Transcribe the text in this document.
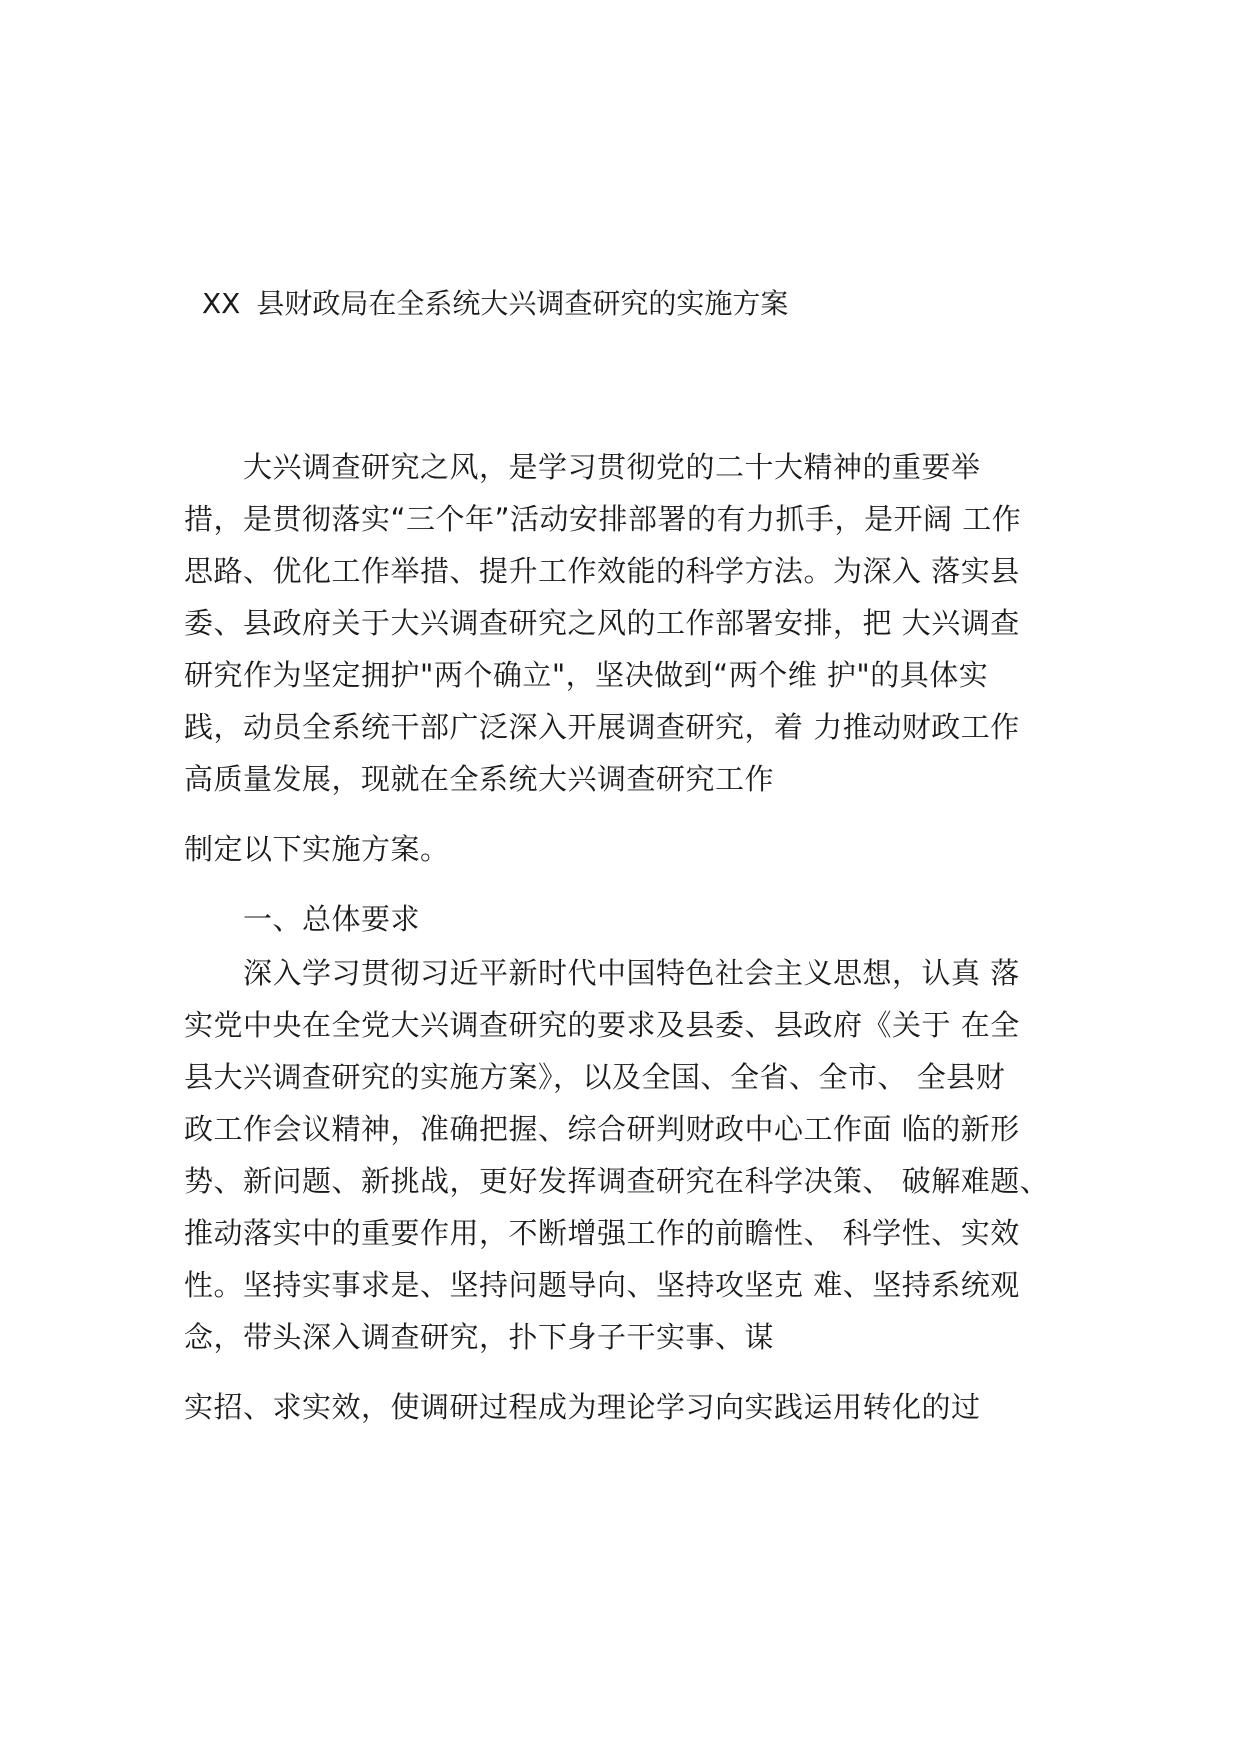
XX 县财政局在全系统大兴调查研究的实施方案
　　大兴调查研究之风，是学习贯彻党的二十大精神的重要举
措，是贯彻落实“三个年”活动安排部署的有力抓手，是开阔 工作
思路、优化工作举措、提升工作效能的科学方法。为深入 落实县
委、县政府关于大兴调查研究之风的工作部署安排，把 大兴调查
研究作为坚定拥护"两个确立"，坚决做到“两个维 护"的具体实
践，动员全系统干部广泛深入开展调查研究，着 力推动财政工作
高质量发展，现就在全系统大兴调查研究工作
制定以下实施方案。
　　一、总体要求
　　深入学习贯彻习近平新时代中国特色社会主义思想，认真 落
实党中央在全党大兴调查研究的要求及县委、县政府《关于 在全
县大兴调查研究的实施方案》，以及全国、全省、全市、 全县财
政工作会议精神，准确把握、综合研判财政中心工作面 临的新形
势、新问题、新挑战，更好发挥调查研究在科学决策、 破解难题、
推动落实中的重要作用，不断增强工作的前瞻性、 科学性、实效
性。坚持实事求是、坚持问题导向、坚持攻坚克 难、坚持系统观
念，带头深入调查研究，扑下身子干实事、谋
实招、求实效，使调研过程成为理论学习向实践运用转化的过
